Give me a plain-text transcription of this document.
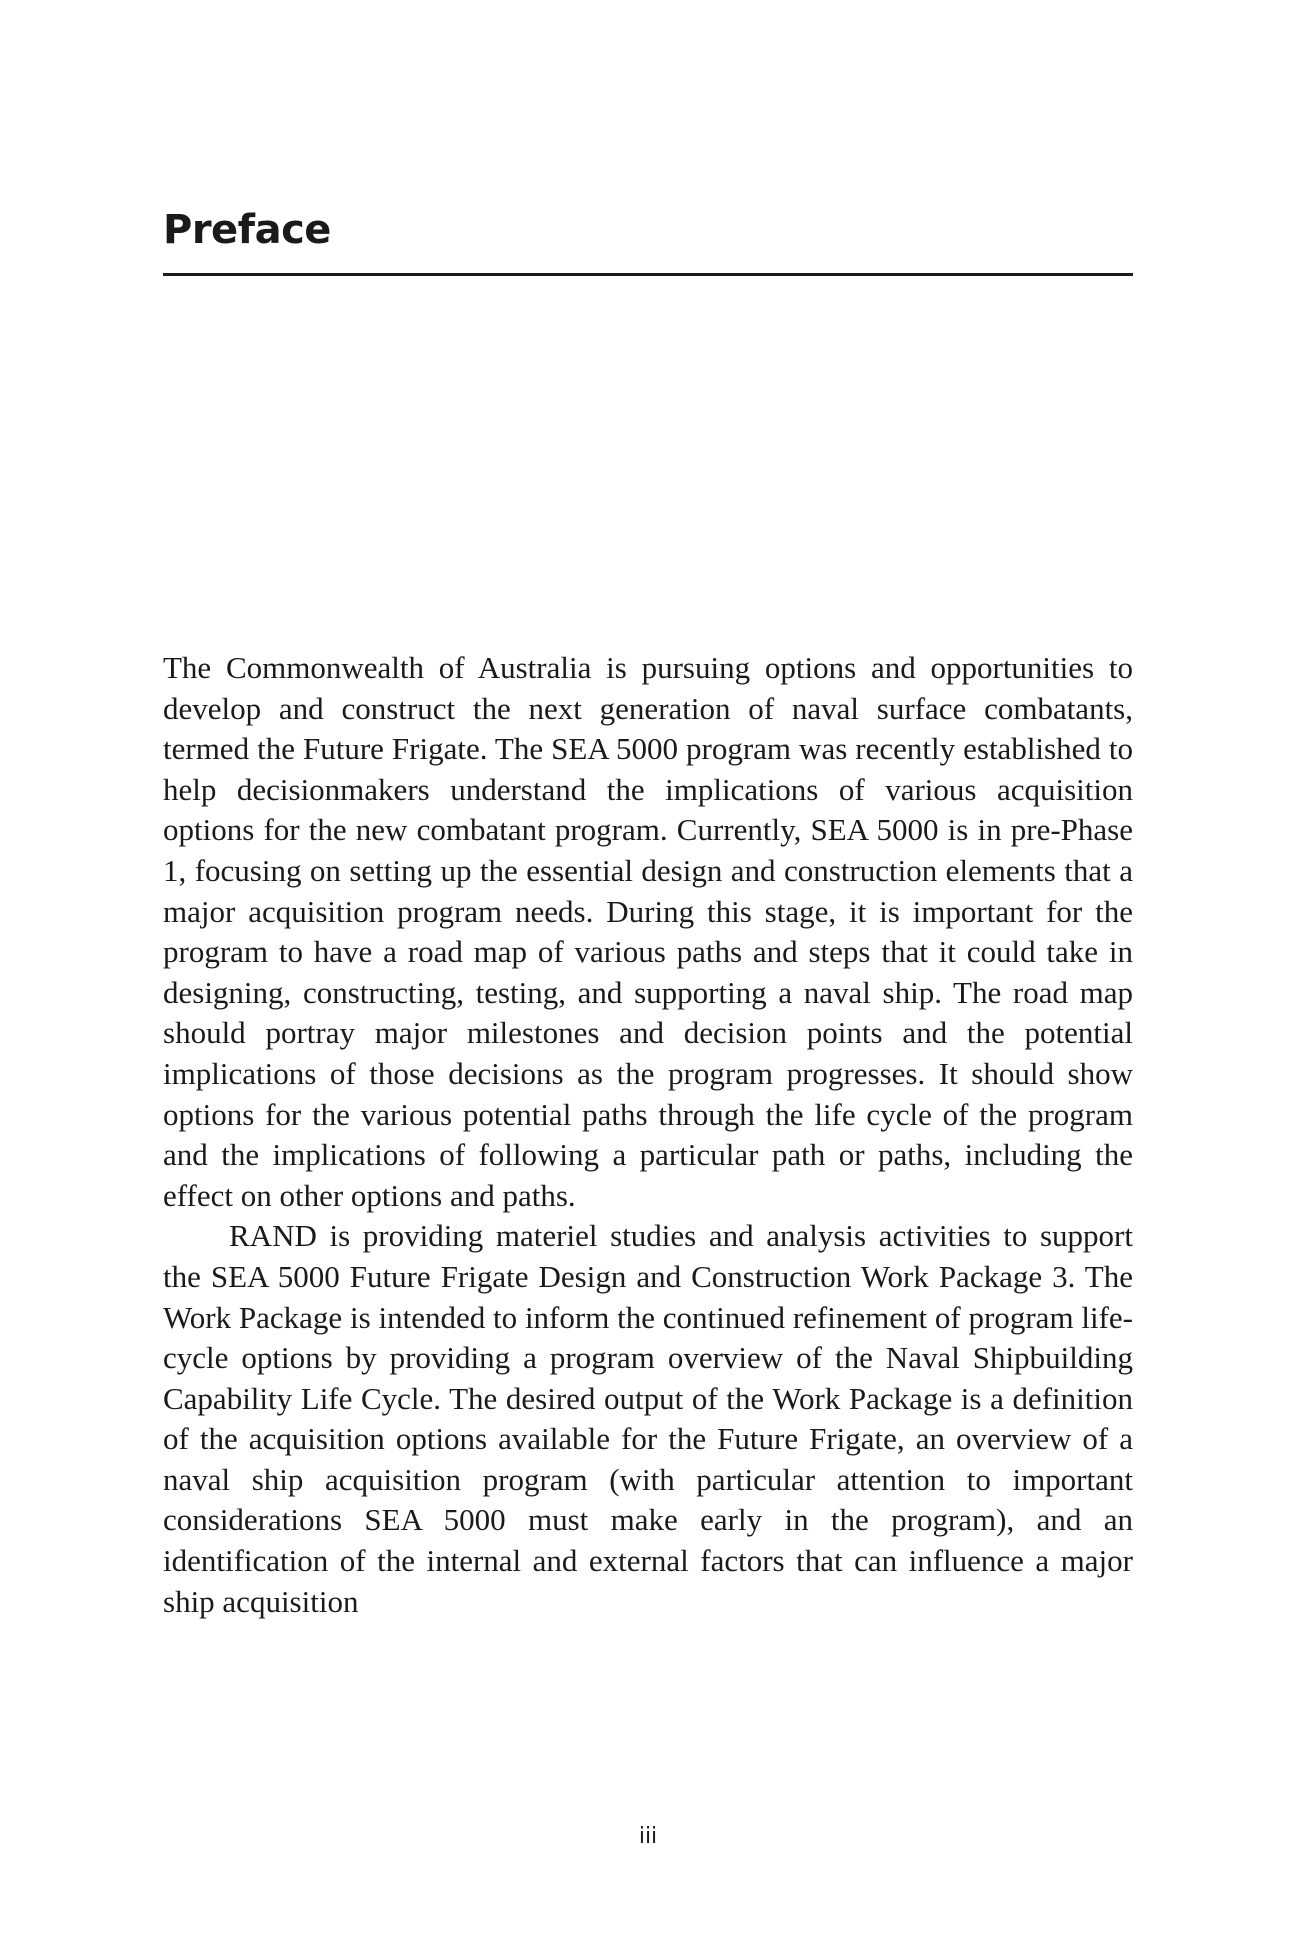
Preface

The Commonwealth of Australia is pursuing options and opportunities to develop and construct the next generation of naval surface combatants, termed the Future Frigate. The SEA 5000 program was recently established to help decisionmakers understand the implications of various acquisition options for the new combatant program. Currently, SEA 5000 is in pre-Phase 1, focusing on setting up the essential design and construction elements that a major acquisition program needs. During this stage, it is important for the program to have a road map of various paths and steps that it could take in designing, constructing, testing, and supporting a naval ship. The road map should portray major milestones and decision points and the potential implications of those decisions as the program progresses. It should show options for the various potential paths through the life cycle of the program and the implications of following a particular path or paths, including the effect on other options and paths.

RAND is providing materiel studies and analysis activities to support the SEA 5000 Future Frigate Design and Construction Work Package 3. The Work Package is intended to inform the continued refinement of program life-cycle options by providing a program overview of the Naval Shipbuilding Capability Life Cycle. The desired output of the Work Package is a definition of the acquisition options available for the Future Frigate, an overview of a naval ship acquisition program (with particular attention to important considerations SEA 5000 must make early in the program), and an identification of the internal and external factors that can influence a major ship acquisition

iii
